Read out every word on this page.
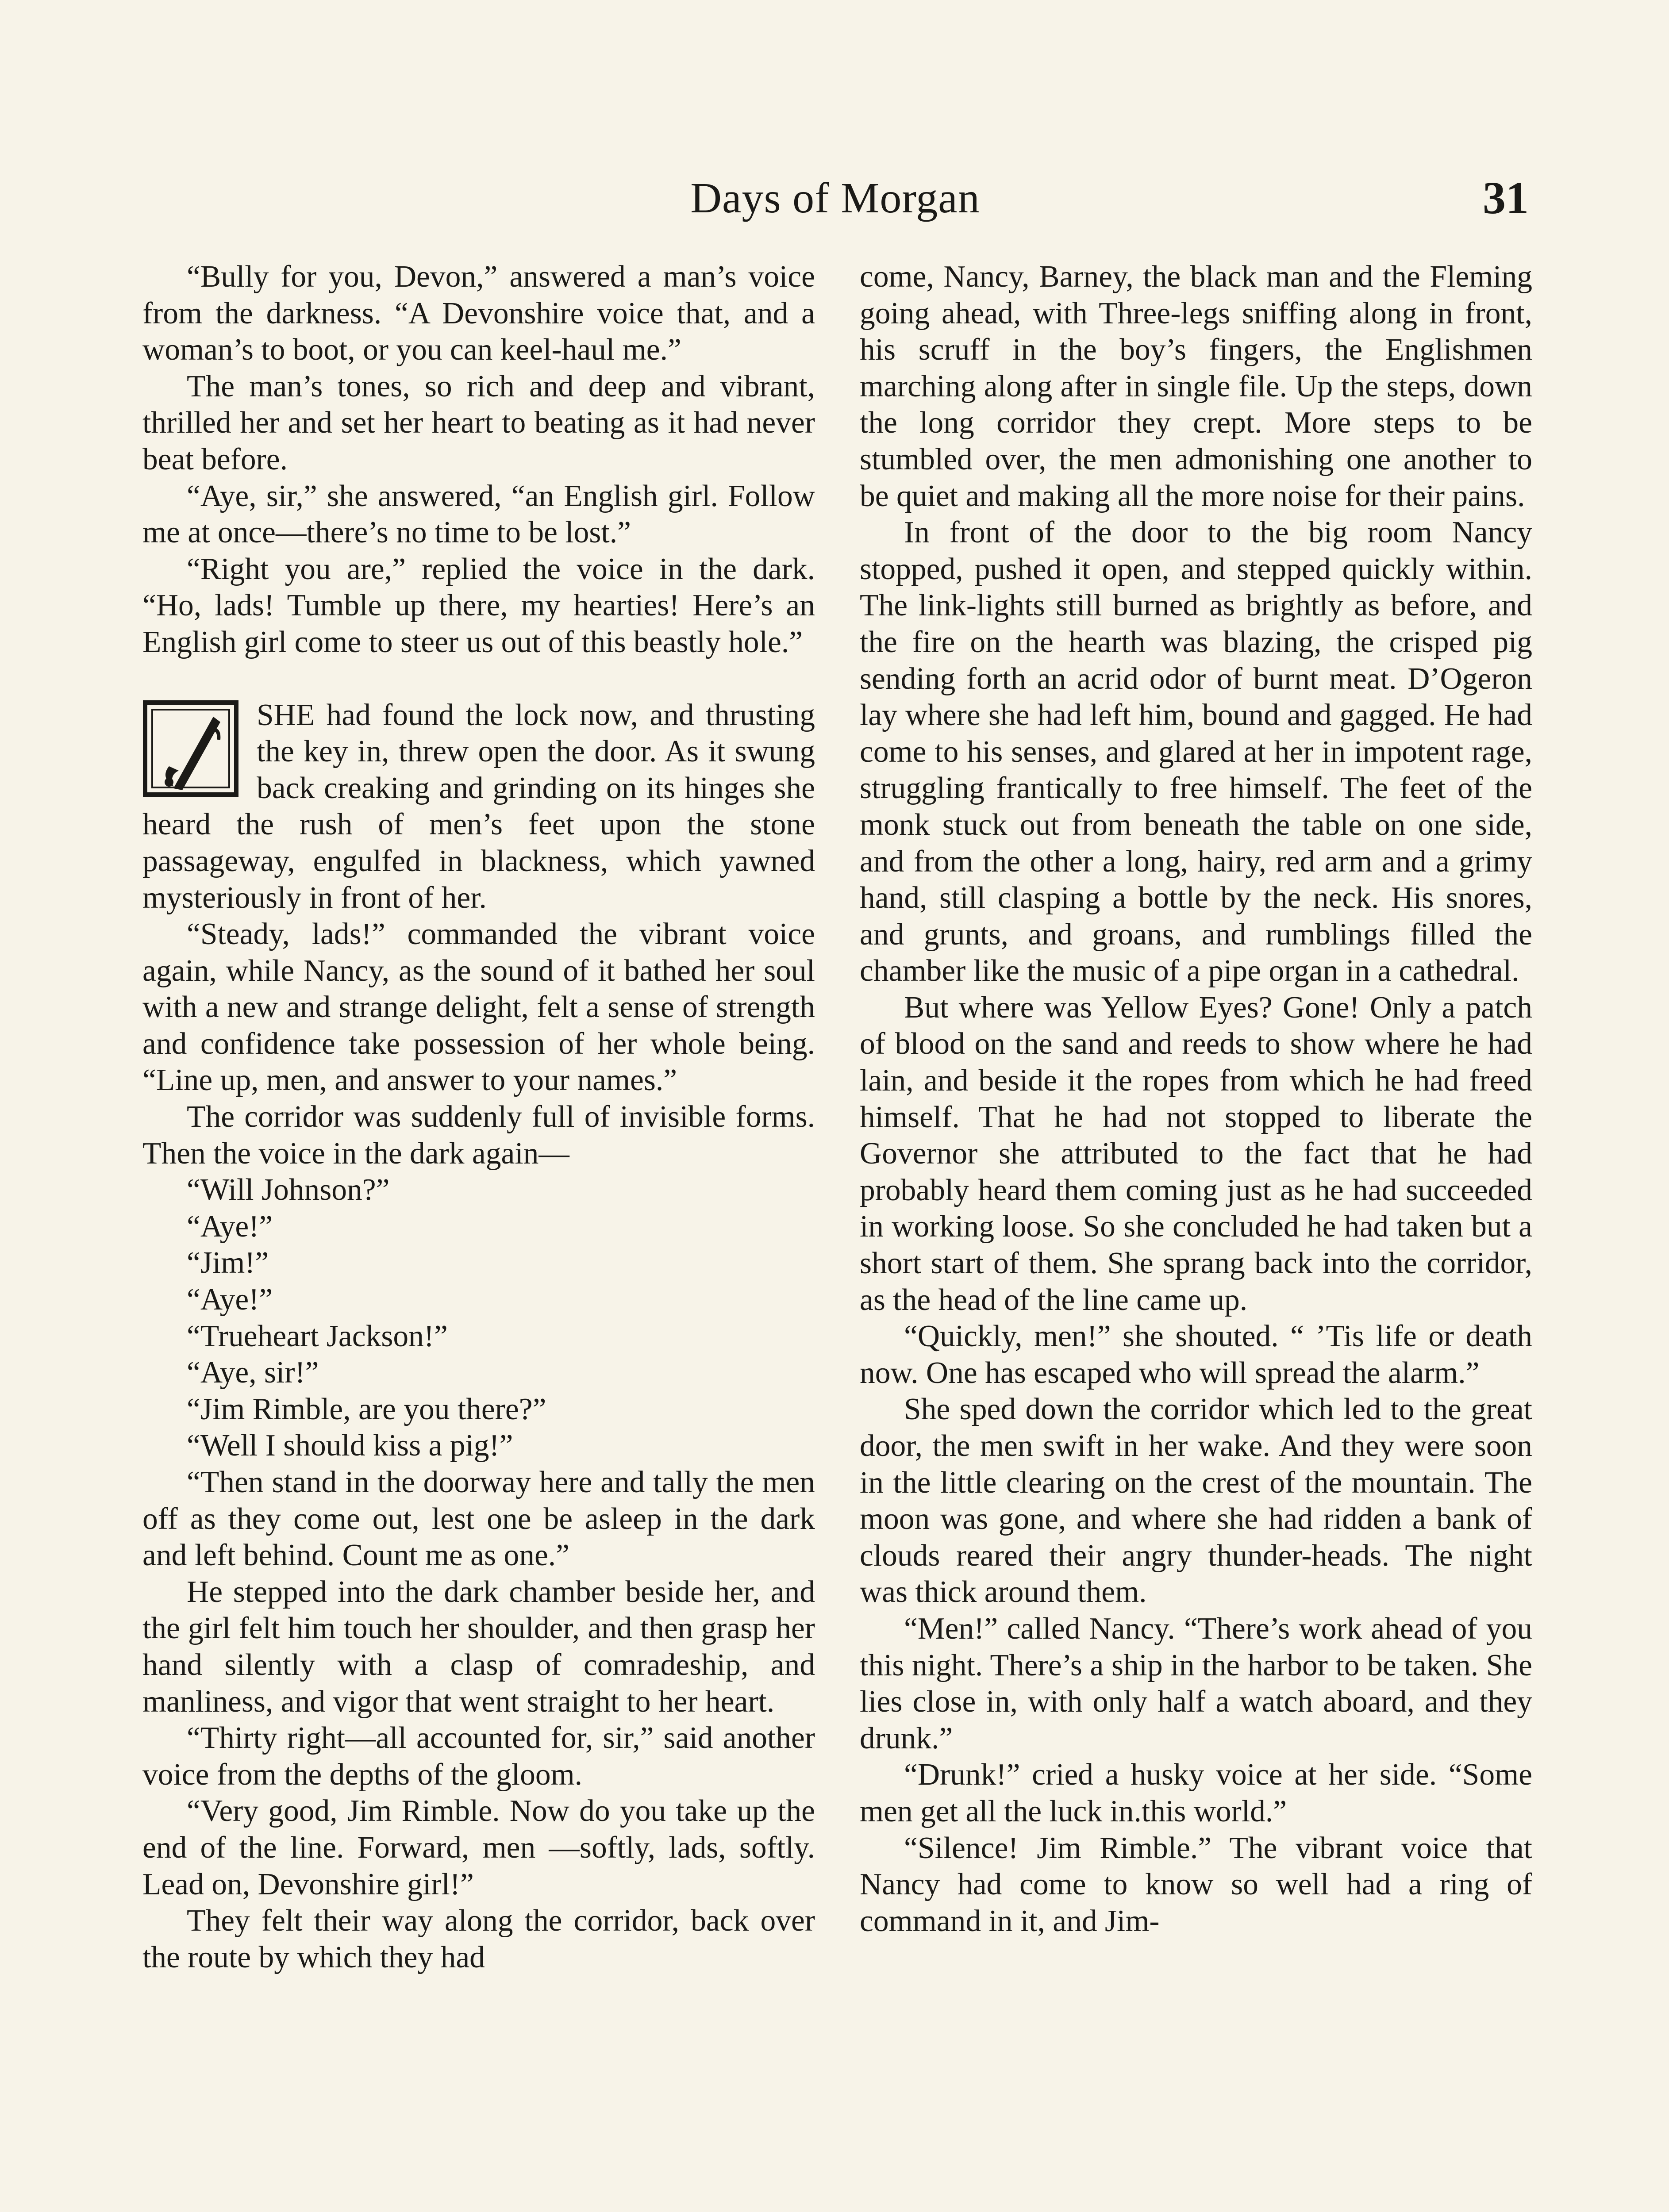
Days of Morgan	31

“Bully for you, Devon,” answered a man’s voice from the darkness. “A Devonshire voice that, and a woman’s to boot, or you can keel-haul me.”

The man’s tones, so rich and deep and vibrant, thrilled her and set her heart to beating as it had never beat before.

“Aye, sir,” she answered, “an English girl. Follow me at once—there’s no time to be lost.”

“Right you are,” replied the voice in the dark. “Ho, lads! Tumble up there, my hearties! Here’s an English girl come to steer us out of this beastly hole.”

SHE had found the lock now, and thrusting the key in, threw open the door. As it swung back creaking and grinding on its hinges she heard the rush of men’s feet upon the stone passageway, engulfed in blackness, which yawned mysteriously in front of her.

“Steady, lads!” commanded the vibrant voice again, while Nancy, as the sound of it bathed her soul with a new and strange delight, felt a sense of strength and confidence take possession of her whole being. “Line up, men, and answer to your names.”

The corridor was suddenly full of invisible forms. Then the voice in the dark again—

“Will Johnson?”

“Aye!”

“Jim!”

“Aye!”

“Trueheart Jackson!”

“Aye, sir!”

“Jim Rimble, are you there?”

“Well I should kiss a pig!”

“Then stand in the doorway here and tally the men off as they come out, lest one be asleep in the dark and left behind. Count me as one.”

He stepped into the dark chamber beside her, and the girl felt him touch her shoulder, and then grasp her hand silently with a clasp of comradeship, and manliness, and vigor that went straight to her heart.

“Thirty right—all accounted for, sir,” said another voice from the depths of the gloom.

“Very good, Jim Rimble. Now do you take up the end of the line. Forward, men —softly, lads, softly. Lead on, Devonshire girl!”

They felt their way along the corridor, back over the route by which they had

come, Nancy, Barney, the black man and the Fleming going ahead, with Three-legs sniffing along in front, his scruff in the boy’s fingers, the Englishmen marching along after in single file. Up the steps, down the long corridor they crept. More steps to be stumbled over, the men admonishing one another to be quiet and making all the more noise for their pains.

In front of the door to the big room Nancy stopped, pushed it open, and stepped quickly within. The link-lights still burned as brightly as before, and the fire on the hearth was blazing, the crisped pig sending forth an acrid odor of burnt meat. D’Ogeron lay where she had left him, bound and gagged. He had come to his senses, and glared at her in impotent rage, struggling frantically to free himself. The feet of the monk stuck out from beneath the table on one side, and from the other a long, hairy, red arm and a grimy hand, still clasping a bottle by the neck. His snores, and grunts, and groans, and rumblings filled the chamber like the music of a pipe organ in a cathedral.

But where was Yellow Eyes? Gone! Only a patch of blood on the sand and reeds to show where he had lain, and beside it the ropes from which he had freed himself. That he had not stopped to liberate the Governor she attributed to the fact that he had probably heard them coming just as he had succeeded in working loose. So she concluded he had taken but a short start of them. She sprang back into the corridor, as the head of the line came up.

“Quickly, men!” she shouted. “ ’Tis life or death now. One has escaped who will spread the alarm.”

She sped down the corridor which led to the great door, the men swift in her wake. And they were soon in the little clearing on the crest of the mountain. The moon was gone, and where she had ridden a bank of clouds reared their angry thunder-heads. The night was thick around them.

“Men!” called Nancy. “There’s work ahead of you this night. There’s a ship in the harbor to be taken. She lies close in, with only half a watch aboard, and they drunk.”

“Drunk!” cried a husky voice at her side. “Some men get all the luck in.this world.”

“Silence! Jim Rimble.” The vibrant voice that Nancy had come to know so well had a ring of command in it, and Jim-
